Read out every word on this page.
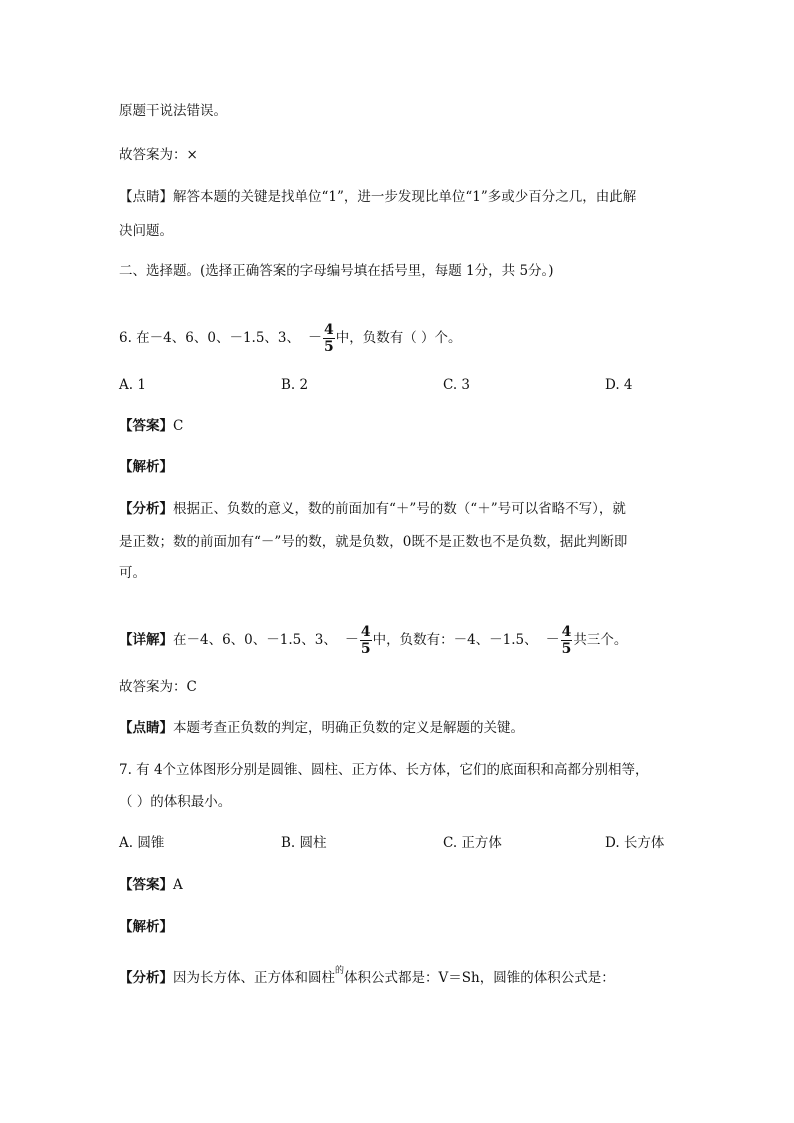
原题干说法错误。
故答案为：×
【点睛】解答本题的关键是找单位“1”，进一步发现比单位“1”多或少百分之几，由此解
决问题。
二、选择题。(选择正确答案的字母编号填在括号里，每题 1分，共 5分。)
6. 在－4、6、0、－1.5、3、 － $\frac{4}{5}$ 中，负数有（ ）个。
A. 1	B. 2	C. 3	D. 4
【答案】C
【解析】
【分析】根据正、负数的意义，数的前面加有“＋”号的数（“＋”号可以省略不写），就
是正数；数的前面加有“－”号的数，就是负数，0既不是正数也不是负数，据此判断即
可。
【详解】在－4、6、0、－1.5、3、 － $\frac{4}{5}$ 中，负数有：－4、－1.5、 － $\frac{4}{5}$ 共三个。
故答案为：C
【点睛】本题考查正负数的判定，明确正负数的定义是解题的关键。
7. 有 4个立体图形分别是圆锥、圆柱、正方体、长方体，它们的底面积和高都分别相等，
（ ）的体积最小。
A. 圆锥	B. 圆柱	C. 正方体	D. 长方体
【答案】A
【解析】
【分析】因为长方体、正方体和圆柱$^的$体积公式都是：V＝Sh，圆锥的体积公式是：
